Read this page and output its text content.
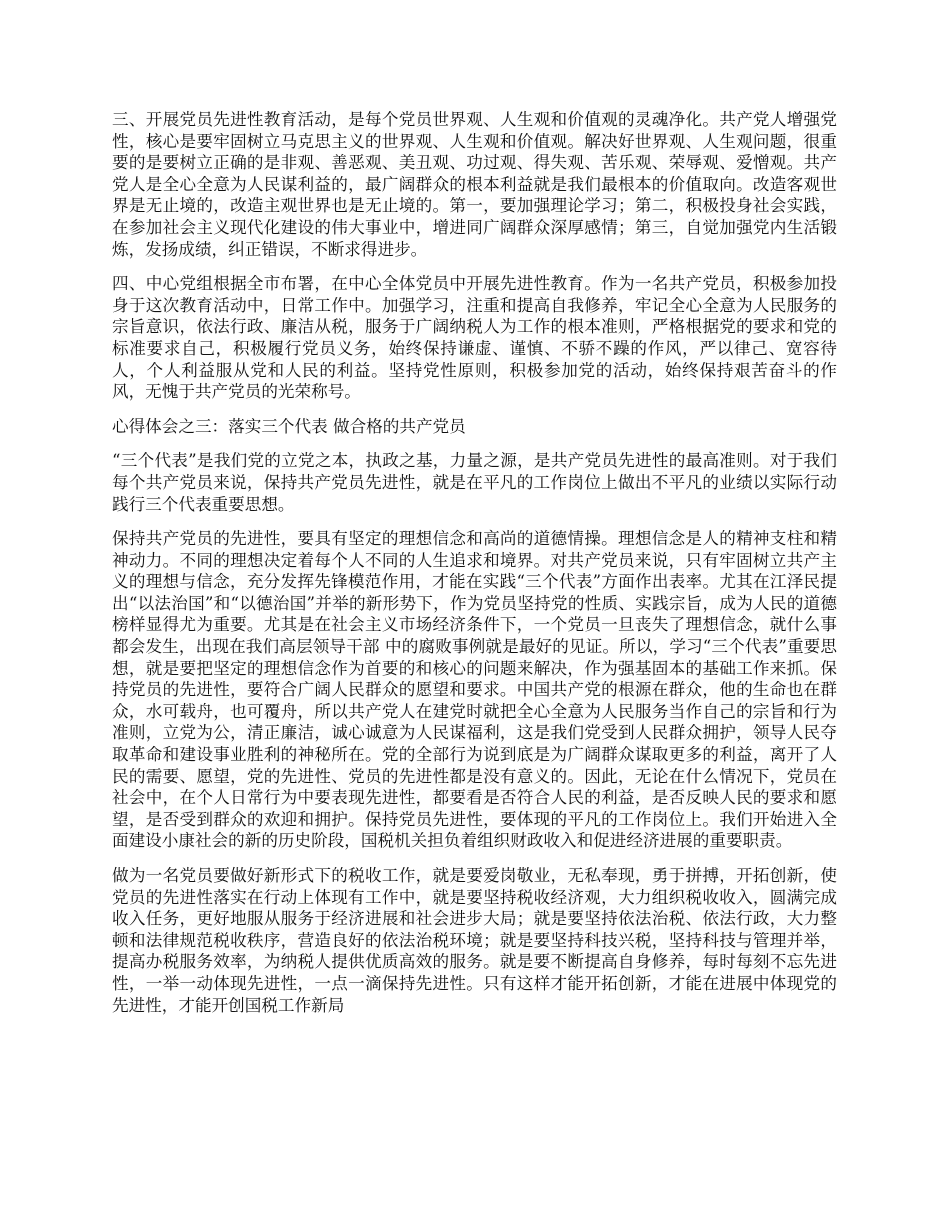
三、开展党员先进性教育活动，是每个党员世界观、人生观和价值观的灵魂净化。共产党人增强党性，核心是要牢固树立马克思主义的世界观、人生观和价值观。解决好世界观、人生观问题，很重要的是要树立正确的是非观、善恶观、美丑观、功过观、得失观、苦乐观、荣辱观、爱憎观。共产党人是全心全意为人民谋利益的，最广阔群众的根本利益就是我们最根本的价值取向。改造客观世界是无止境的，改造主观世界也是无止境的。第一，要加强理论学习；第二，积极投身社会实践，在参加社会主义现代化建设的伟大事业中，增进同广阔群众深厚感情；第三，自觉加强党内生活锻炼，发扬成绩，纠正错误，不断求得进步。

四、中心党组根据全市布署，在中心全体党员中开展先进性教育。作为一名共产党员，积极参加投身于这次教育活动中，日常工作中。加强学习，注重和提高自我修养，牢记全心全意为人民服务的宗旨意识，依法行政、廉洁从税，服务于广阔纳税人为工作的根本准则，严格根据党的要求和党的标准要求自己，积极履行党员义务，始终保持谦虚、谨慎、不骄不躁的作风，严以律己、宽容待人，个人利益服从党和人民的利益。坚持党性原则，积极参加党的活动，始终保持艰苦奋斗的作风，无愧于共产党员的光荣称号。

心得体会之三：落实三个代表 做合格的共产党员

“三个代表”是我们党的立党之本，执政之基，力量之源，是共产党员先进性的最高准则。对于我们每个共产党员来说，保持共产党员先进性，就是在平凡的工作岗位上做出不平凡的业绩以实际行动践行三个代表重要思想。

保持共产党员的先进性，要具有坚定的理想信念和高尚的道德情操。理想信念是人的精神支柱和精神动力。不同的理想决定着每个人不同的人生追求和境界。对共产党员来说，只有牢固树立共产主义的理想与信念，充分发挥先锋模范作用，才能在实践“三个代表”方面作出表率。尤其在江泽民提出“以法治国”和“以德治国”并举的新形势下，作为党员坚持党的性质、实践宗旨，成为人民的道德榜样显得尤为重要。尤其是在社会主义市场经济条件下，一个党员一旦丧失了理想信念，就什么事都会发生，出现在我们高层领导干部 中的腐败事例就是最好的见证。所以，学习“三个代表”重要思想，就是要把坚定的理想信念作为首要的和核心的问题来解决，作为强基固本的基础工作来抓。保持党员的先进性，要符合广阔人民群众的愿望和要求。中国共产党的根源在群众，他的生命也在群众，水可载舟，也可覆舟，所以共产党人在建党时就把全心全意为人民服务当作自己的宗旨和行为准则，立党为公，清正廉洁，诚心诚意为人民谋福利，这是我们党受到人民群众拥护，领导人民夺取革命和建设事业胜利的神秘所在。党的全部行为说到底是为广阔群众谋取更多的利益，离开了人民的需要、愿望，党的先进性、党员的先进性都是没有意义的。因此，无论在什么情况下，党员在社会中，在个人日常行为中要表现先进性，都要看是否符合人民的利益，是否反映人民的要求和愿望，是否受到群众的欢迎和拥护。保持党员先进性，要体现的平凡的工作岗位上。我们开始进入全面建设小康社会的新的历史阶段，国税机关担负着组织财政收入和促进经济进展的重要职责。

做为一名党员要做好新形式下的税收工作，就是要爱岗敬业，无私奉现，勇于拼搏，开拓创新，使党员的先进性落实在行动上体现有工作中，就是要坚持税收经济观，大力组织税收收入，圆满完成收入任务，更好地服从服务于经济进展和社会进步大局；就是要坚持依法治税、依法行政，大力整顿和法律规范税收秩序，营造良好的依法治税环境；就是要坚持科技兴税，坚持科技与管理并举，提高办税服务效率，为纳税人提供优质高效的服务。就是要不断提高自身修养，每时每刻不忘先进性，一举一动体现先进性，一点一滴保持先进性。只有这样才能开拓创新，才能在进展中体现党的先进性，才能开创国税工作新局
